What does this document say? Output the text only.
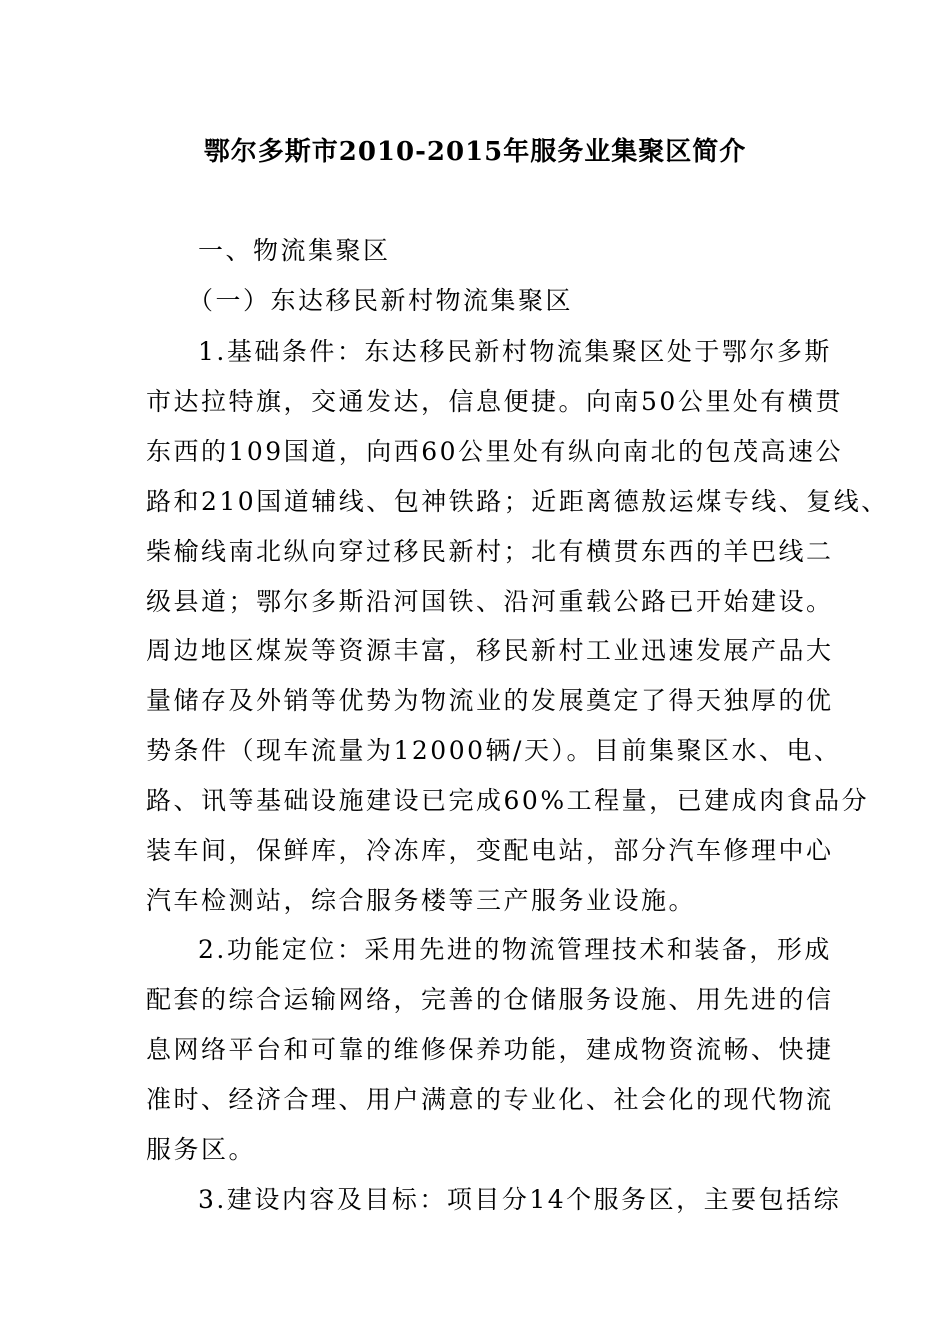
鄂尔多斯市2010-2015年服务业集聚区简介

一、物流集聚区

（一）东达移民新村物流集聚区

1.基础条件：东达移民新村物流集聚区处于鄂尔多斯

市达拉特旗，交通发达，信息便捷。向南50公里处有横贯

东西的109国道，向西60公里处有纵向南北的包茂高速公

路和210国道辅线、包神铁路；近距离德敖运煤专线、复线、

柴榆线南北纵向穿过移民新村；北有横贯东西的羊巴线二

级县道；鄂尔多斯沿河国铁、沿河重载公路已开始建设。

周边地区煤炭等资源丰富，移民新村工业迅速发展产品大

量储存及外销等优势为物流业的发展奠定了得天独厚的优

势条件（现车流量为12000辆/天）。目前集聚区水、电、

路、讯等基础设施建设已完成60%工程量，已建成肉食品分

装车间，保鲜库，冷冻库，变配电站，部分汽车修理中心

汽车检测站，综合服务楼等三产服务业设施。

2.功能定位：采用先进的物流管理技术和装备，形成

配套的综合运输网络，完善的仓储服务设施、用先进的信

息网络平台和可靠的维修保养功能，建成物资流畅、快捷

准时、经济合理、用户满意的专业化、社会化的现代物流

服务区。

3.建设内容及目标：项目分14个服务区，主要包括综
